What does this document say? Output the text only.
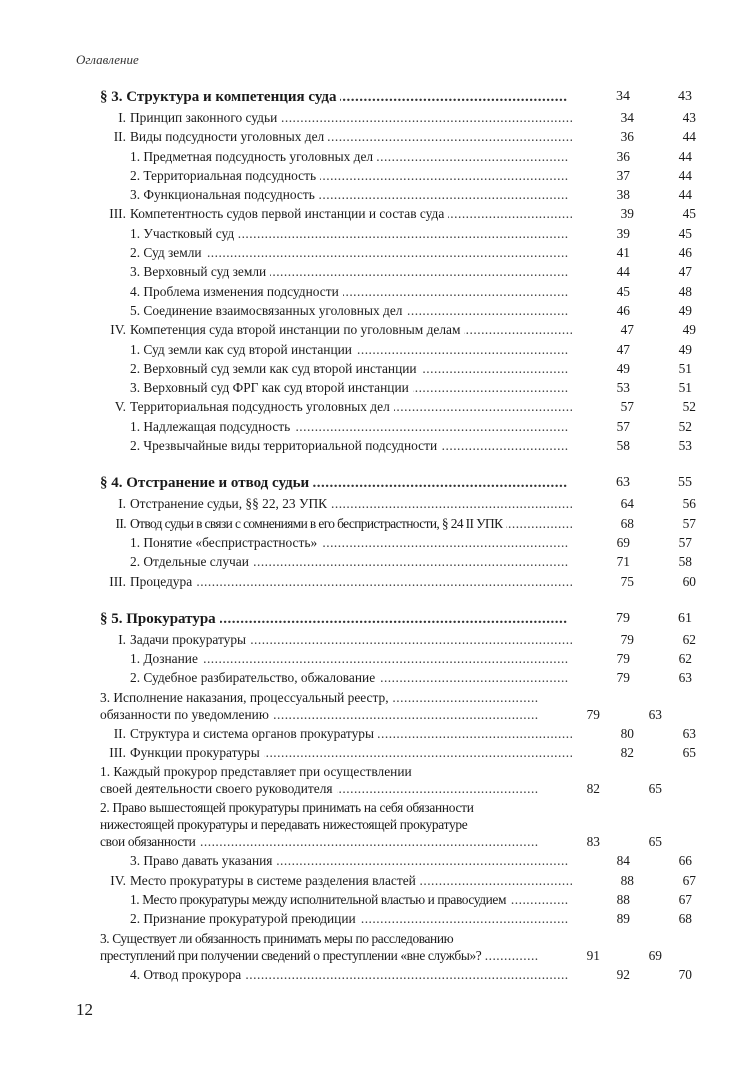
Оглавление
§ 3. Структура и компетенция суда .....	34	43
I. Принцип законного судьи .....	34	43
II. Виды подсудности уголовных дел .....	36	44
1. Предметная подсудность уголовных дел .....	36	44
2. Территориальная подсудность .....	37	44
3. Функциональная подсудность .....	38	44
III. Компетентность судов первой инстанции и состав суда .....	39	45
1. Участковый суд .....	39	45
2. Суд земли .....	41	46
3. Верховный суд земли .....	44	47
4. Проблема изменения подсудности .....	45	48
5. Соединение взаимосвязанных уголовных дел .....	46	49
IV. Компетенция суда второй инстанции по уголовным делам .....	47	49
1. Суд земли как суд второй инстанции .....	47	49
2. Верховный суд земли как суд второй инстанции .....	49	51
3. Верховный суд ФРГ как суд второй инстанции .....	53	51
V. Территориальная подсудность уголовных дел .....	57	52
1. Надлежащая подсудность .....	57	52
2. Чрезвычайные виды территориальной подсудности .....	58	53
§ 4. Отстранение и отвод судьи .....	63	55
I. Отстранение судьи, §§ 22, 23 УПК .....	64	56
II. Отвод судьи в связи с сомнениями в его беспристрастности, § 24 II УПК .....	68	57
1. Понятие «беспристрастность» .....	69	57
2. Отдельные случаи .....	71	58
III. Процедура .....	75	60
§ 5. Прокуратура .....	79	61
I. Задачи прокуратуры .....	79	62
1. Дознание .....	79	62
2. Судебное разбирательство, обжалование .....	79	63
3. Исполнение наказания, процессуальный реестр, .....
обязанности по уведомлению .....	79	63
II. Структура и система органов прокуратуры .....	80	63
III. Функции прокуратуры .....	82	65
1. Каждый прокурор представляет при осуществлении
своей деятельности своего руководителя .....	82	65
2. Право вышестоящей прокуратуры принимать на себя обязанности
нижестоящей прокуратуры и передавать нижестоящей прокуратуре
свои обязанности .....	83	65
3. Право давать указания .....	84	66
IV. Место прокуратуры в системе разделения властей .....	88	67
1. Место прокуратуры между исполнительной властью и правосудием .....	88	67
2. Признание прокуратурой преюдиции .....	89	68
3. Существует ли обязанность принимать меры по расследованию
преступлений при получении сведений о преступлении «вне службы»? .....	91	69
4. Отвод прокурора .....	92	70
12
